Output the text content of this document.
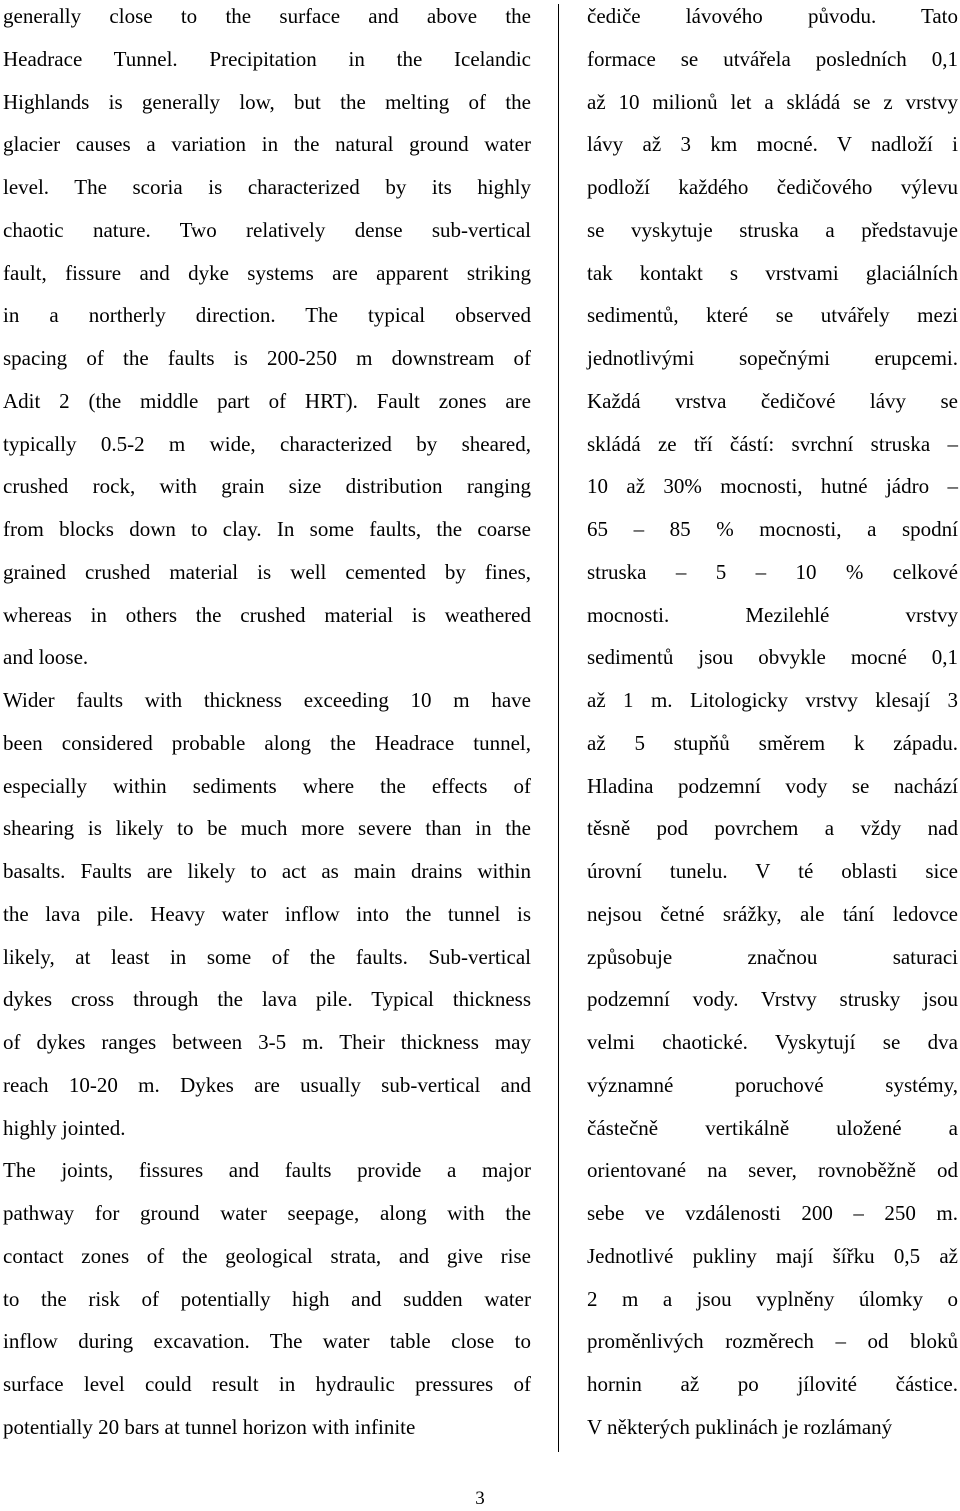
generally close to the surface and above the
Headrace Tunnel. Precipitation in the Icelandic
Highlands is generally low, but the melting of the
glacier causes a variation in the natural ground water
level. The scoria is characterized by its highly
chaotic nature. Two relatively dense sub-vertical
fault, fissure and dyke systems are apparent striking
in a northerly direction. The typical observed
spacing of the faults is 200-250 m downstream of
Adit 2 (the middle part of HRT). Fault zones are
typically 0.5-2 m wide, characterized by sheared,
crushed rock, with grain size distribution ranging
from blocks down to clay. In some faults, the coarse
grained crushed material is well cemented by fines,
whereas in others the crushed material is weathered
and loose.
Wider faults with thickness exceeding 10 m have
been considered probable along the Headrace tunnel,
especially within sediments where the effects of
shearing is likely to be much more severe than in the
basalts. Faults are likely to act as main drains within
the lava pile. Heavy water inflow into the tunnel is
likely, at least in some of the faults. Sub-vertical
dykes cross through the lava pile. Typical thickness
of dykes ranges between 3-5 m. Their thickness may
reach 10-20 m. Dykes are usually sub-vertical and
highly jointed.
The joints, fissures and faults provide a major
pathway for ground water seepage, along with the
contact zones of the geological strata, and give rise
to the risk of potentially high and sudden water
inflow during excavation. The water table close to
surface level could result in hydraulic pressures of
potentially 20 bars at tunnel horizon with infinite
čediče lávového původu. Tato
formace se utvářela posledních 0,1
až 10 milionů let a skládá se z vrstvy
lávy až 3 km mocné. V nadloží i
podloží každého čedičového výlevu
se vyskytuje struska a představuje
tak kontakt s vrstvami glaciálních
sedimentů, které se utvářely mezi
jednotlivými sopečnými erupcemi.
Každá vrstva čedičové lávy se
skládá ze tří částí: svrchní struska –
10 až 30% mocnosti, hutné jádro –
65 – 85 % mocnosti, a spodní
struska – 5 – 10 % celkové
mocnosti. Mezilehlé vrstvy
sedimentů jsou obvykle mocné 0,1
až 1 m. Litologicky vrstvy klesají 3
až 5 stupňů směrem k západu.
Hladina podzemní vody se nachází
těsně pod povrchem a vždy nad
úrovní tunelu. V té oblasti sice
nejsou četné srážky, ale tání ledovce
způsobuje značnou saturaci
podzemní vody. Vrstvy strusky jsou
velmi chaotické. Vyskytují se dva
významné poruchové systémy,
částečně vertikálně uložené a
orientované na sever, rovnoběžně od
sebe ve vzdálenosti 200 – 250 m.
Jednotlivé pukliny mají šířku 0,5 až
2 m a jsou vyplněny úlomky o
proměnlivých rozměrech – od bloků
hornin až po jílovité částice.
V některých puklinách je rozlámaný
3
